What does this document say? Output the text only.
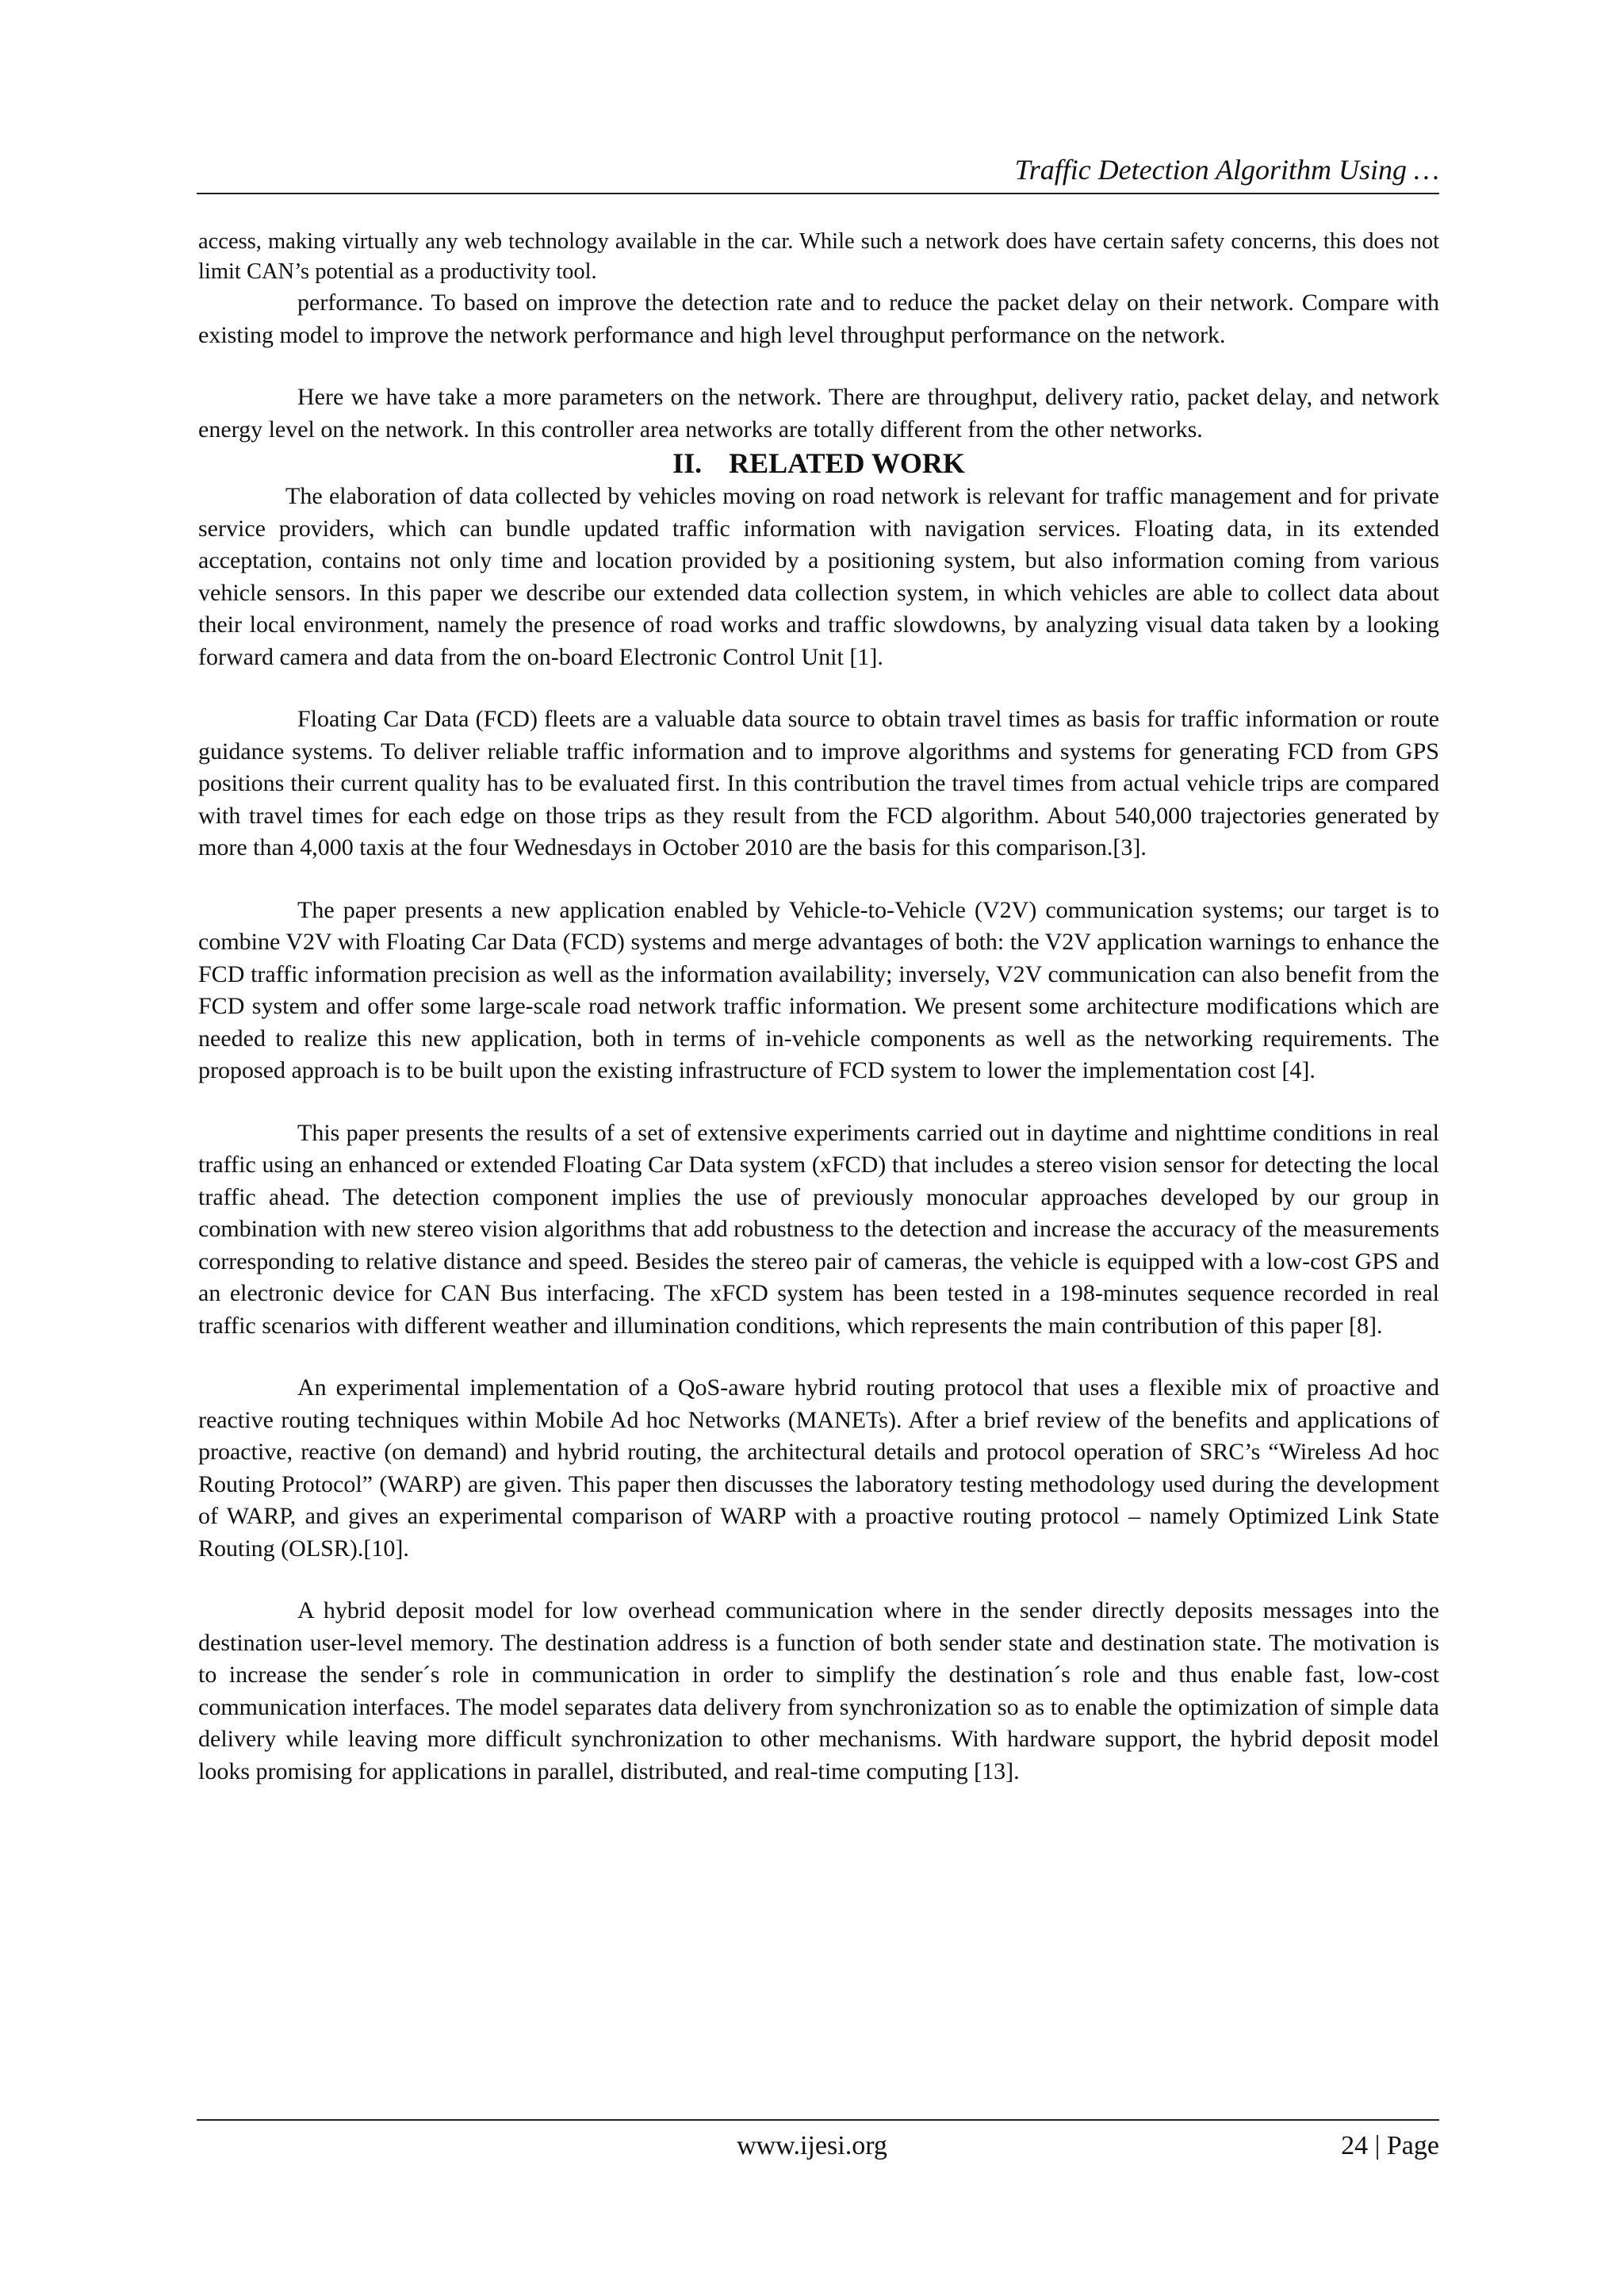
Traffic Detection Algorithm Using …

access, making virtually any web technology available in the car. While such a network does have certain safety concerns, this does not limit CAN’s potential as a productivity tool.

performance. To based on improve the detection rate and to reduce the packet delay on their network. Compare with existing model to improve the network performance and high level throughput performance on the network.

Here we have take a more parameters on the network. There are throughput, delivery ratio, packet delay, and network energy level on the network. In this controller area networks are totally different from the other networks.

II. RELATED WORK

The elaboration of data collected by vehicles moving on road network is relevant for traffic management and for private service providers, which can bundle updated traffic information with navigation services. Floating data, in its extended acceptation, contains not only time and location provided by a positioning system, but also information coming from various vehicle sensors. In this paper we describe our extended data collection system, in which vehicles are able to collect data about their local environment, namely the presence of road works and traffic slowdowns, by analyzing visual data taken by a looking forward camera and data from the on-board Electronic Control Unit [1].

Floating Car Data (FCD) fleets are a valuable data source to obtain travel times as basis for traffic information or route guidance systems. To deliver reliable traffic information and to improve algorithms and systems for generating FCD from GPS positions their current quality has to be evaluated first. In this contribution the travel times from actual vehicle trips are compared with travel times for each edge on those trips as they result from the FCD algorithm. About 540,000 trajectories generated by more than 4,000 taxis at the four Wednesdays in October 2010 are the basis for this comparison.[3].

The paper presents a new application enabled by Vehicle-to-Vehicle (V2V) communication systems; our target is to combine V2V with Floating Car Data (FCD) systems and merge advantages of both: the V2V application warnings to enhance the FCD traffic information precision as well as the information availability; inversely, V2V communication can also benefit from the FCD system and offer some large-scale road network traffic information. We present some architecture modifications which are needed to realize this new application, both in terms of in-vehicle components as well as the networking requirements. The proposed approach is to be built upon the existing infrastructure of FCD system to lower the implementation cost [4].

This paper presents the results of a set of extensive experiments carried out in daytime and nighttime conditions in real traffic using an enhanced or extended Floating Car Data system (xFCD) that includes a stereo vision sensor for detecting the local traffic ahead. The detection component implies the use of previously monocular approaches developed by our group in combination with new stereo vision algorithms that add robustness to the detection and increase the accuracy of the measurements corresponding to relative distance and speed. Besides the stereo pair of cameras, the vehicle is equipped with a low-cost GPS and an electronic device for CAN Bus interfacing. The xFCD system has been tested in a 198-minutes sequence recorded in real traffic scenarios with different weather and illumination conditions, which represents the main contribution of this paper [8].

An experimental implementation of a QoS-aware hybrid routing protocol that uses a flexible mix of proactive and reactive routing techniques within Mobile Ad hoc Networks (MANETs). After a brief review of the benefits and applications of proactive, reactive (on demand) and hybrid routing, the architectural details and protocol operation of SRC’s “Wireless Ad hoc Routing Protocol” (WARP) are given. This paper then discusses the laboratory testing methodology used during the development of WARP, and gives an experimental comparison of WARP with a proactive routing protocol – namely Optimized Link State Routing (OLSR).[10].

A hybrid deposit model for low overhead communication where in the sender directly deposits messages into the destination user-level memory. The destination address is a function of both sender state and destination state. The motivation is to increase the sender´s role in communication in order to simplify the destination´s role and thus enable fast, low-cost communication interfaces. The model separates data delivery from synchronization so as to enable the optimization of simple data delivery while leaving more difficult synchronization to other mechanisms. With hardware support, the hybrid deposit model looks promising for applications in parallel, distributed, and real-time computing [13].

www.ijesi.org	24 | Page
